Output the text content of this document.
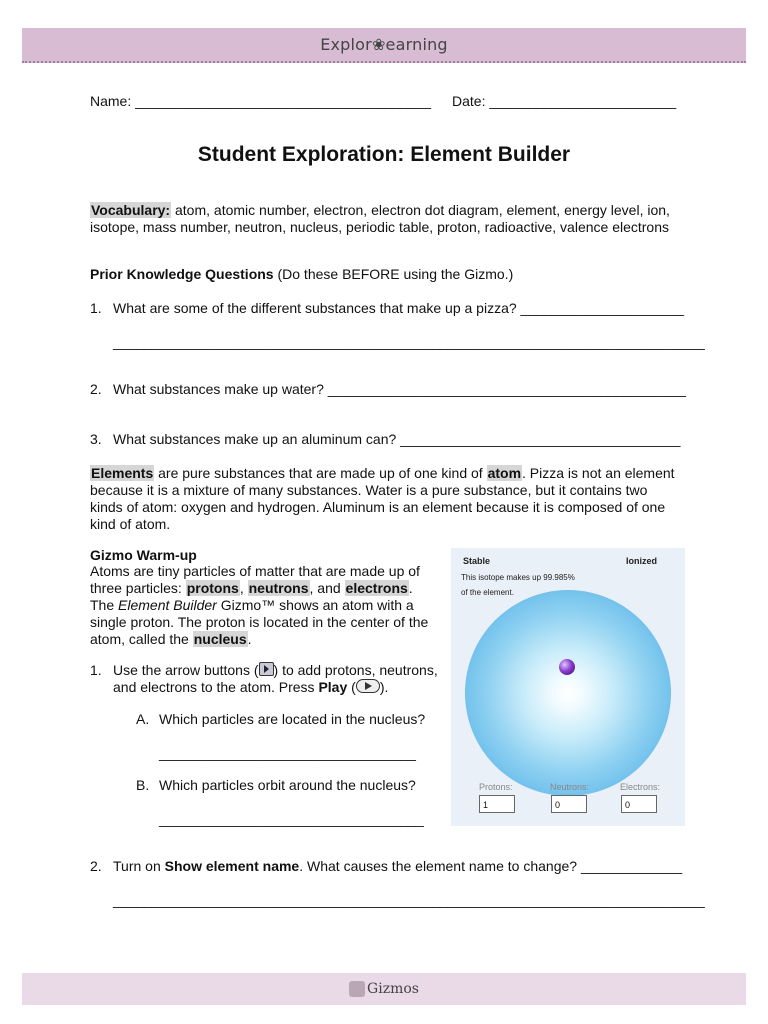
Explor❀earning
Name: ______________________________________ Date: ________________________
Student Exploration: Element Builder
Vocabulary: atom, atomic number, electron, electron dot diagram, element, energy level, ion, isotope, mass number, neutron, nucleus, periodic table, proton, radioactive, valence electrons
Prior Knowledge Questions (Do these BEFORE using the Gizmo.)
1. What are some of the different substances that make up a pizza? _____________________
____________________________________________________________________________
2. What substances make up water? ______________________________________________
3. What substances make up an aluminum can? ____________________________________
Elements are pure substances that are made up of one kind of atom. Pizza is not an element because it is a mixture of many substances. Water is a pure substance, but it contains two kinds of atom: oxygen and hydrogen. Aluminum is an element because it is composed of one kind of atom.
Gizmo Warm-up
Atoms are tiny particles of matter that are made up of three particles: protons, neutrons, and electrons. The Element Builder Gizmo™ shows an atom with a single proton. The proton is located in the center of the atom, called the nucleus.
1. Use the arrow buttons ( ) to add protons, neutrons, and electrons to the atom. Press Play ( ).
A. Which particles are located in the nucleus?
_________________________________
B. Which particles orbit around the nucleus?
__________________________________
Stable	Ionized
This isotope makes up 99.985%
of the element.
Protons:	Neutrons:	Electrons:
1	0	0
2. Turn on Show element name. What causes the element name to change? _____________
____________________________________________________________________________
Gizmos
